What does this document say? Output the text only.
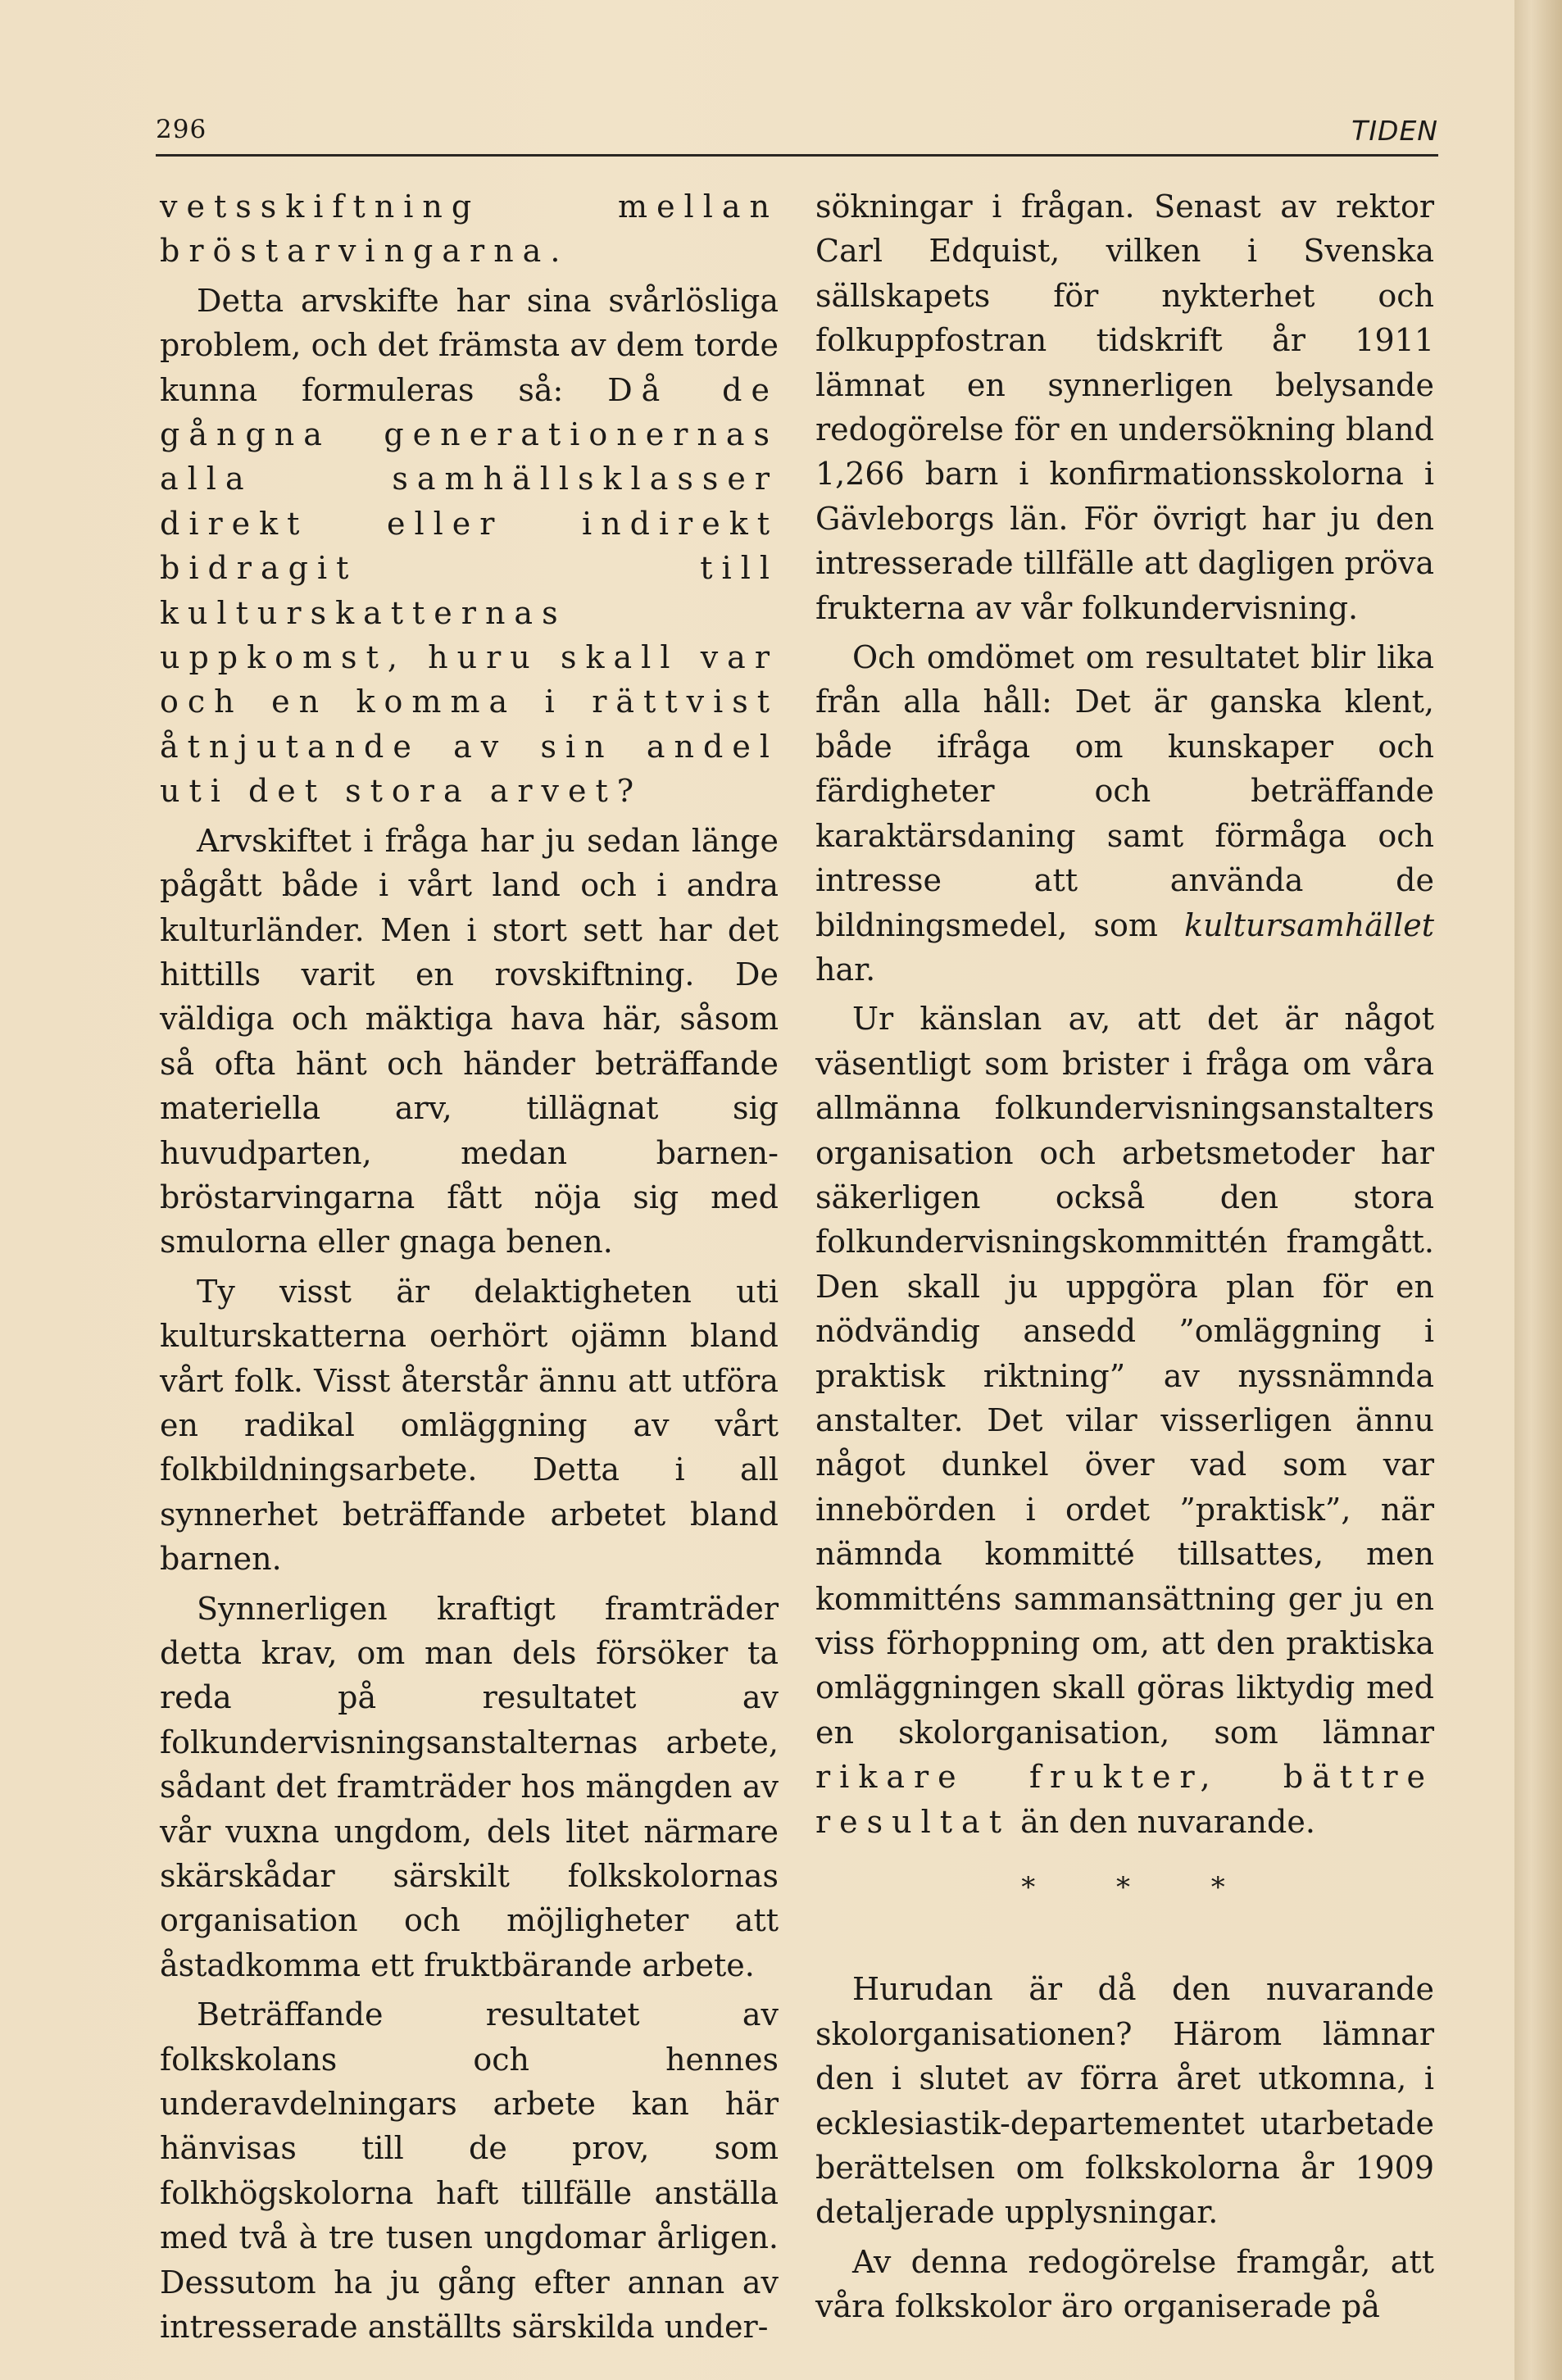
296	TIDEN

vetsskiftning mellan bröstarvingarna.

Detta arvskifte har sina svårlösliga problem, och det främsta av dem torde kunna formuleras så: Då de gångna generationernas alla samhällsklasser direkt eller indirekt bidragit till kulturskatternas uppkomst, huru skall var och en komma i rättvist åtnjutande av sin andel uti det stora arvet?

Arvskiftet i fråga har ju sedan länge pågått både i vårt land och i andra kulturländer. Men i stort sett har det hittills varit en rovskiftning. De väldiga och mäktiga hava här, såsom så ofta hänt och händer beträffande materiella arv, tillägnat sig huvudparten, medan barnen-bröstarvingarna fått nöja sig med smulorna eller gnaga benen.

Ty visst är delaktigheten uti kulturskatterna oerhört ojämn bland vårt folk. Visst återstår ännu att utföra en radikal omläggning av vårt folkbildningsarbete. Detta i all synnerhet beträffande arbetet bland barnen.

Synnerligen kraftigt framträder detta krav, om man dels försöker ta reda på resultatet av folkundervisningsanstalternas arbete, sådant det framträder hos mängden av vår vuxna ungdom, dels litet närmare skärskådar särskilt folkskolornas organisation och möjligheter att åstadkomma ett fruktbärande arbete.

Beträffande resultatet av folkskolans och hennes underavdelningars arbete kan här hänvisas till de prov, som folkhögskolorna haft tillfälle anställa med två à tre tusen ungdomar årligen. Dessutom ha ju gång efter annan av intresserade anställts särskilda under-

sökningar i frågan. Senast av rektor Carl Edquist, vilken i Svenska sällskapets för nykterhet och folkuppfostran tidskrift år 1911 lämnat en synnerligen belysande redogörelse för en undersökning bland 1,266 barn i konfirmationsskolorna i Gävleborgs län. För övrigt har ju den intresserade tillfälle att dagligen pröva frukterna av vår folkundervisning.

Och omdömet om resultatet blir lika från alla håll: Det är ganska klent, både ifråga om kunskaper och färdigheter och beträffande karaktärsdaning samt förmåga och intresse att använda de bildningsmedel, som kultursamhället har.

Ur känslan av, att det är något väsentligt som brister i fråga om våra allmänna folkundervisningsanstalters organisation och arbetsmetoder har säkerligen också den stora folkundervisningskommittén framgått. Den skall ju uppgöra plan för en nödvändig ansedd ”omläggning i praktisk riktning” av nyssnämnda anstalter. Det vilar visserligen ännu något dunkel över vad som var innebörden i ordet ”praktisk”, när nämnda kommitté tillsattes, men kommitténs sammansättning ger ju en viss förhoppning om, att den praktiska omläggningen skall göras liktydig med en skolorganisation, som lämnar rikare frukter, bättre resultat än den nuvarande.

* * *

Hurudan är då den nuvarande skolorganisationen? Härom lämnar den i slutet av förra året utkomna, i ecklesiastik-departementet utarbetade berättelsen om folkskolorna år 1909 detaljerade upplysningar.

Av denna redogörelse framgår, att våra folkskolor äro organiserade på
